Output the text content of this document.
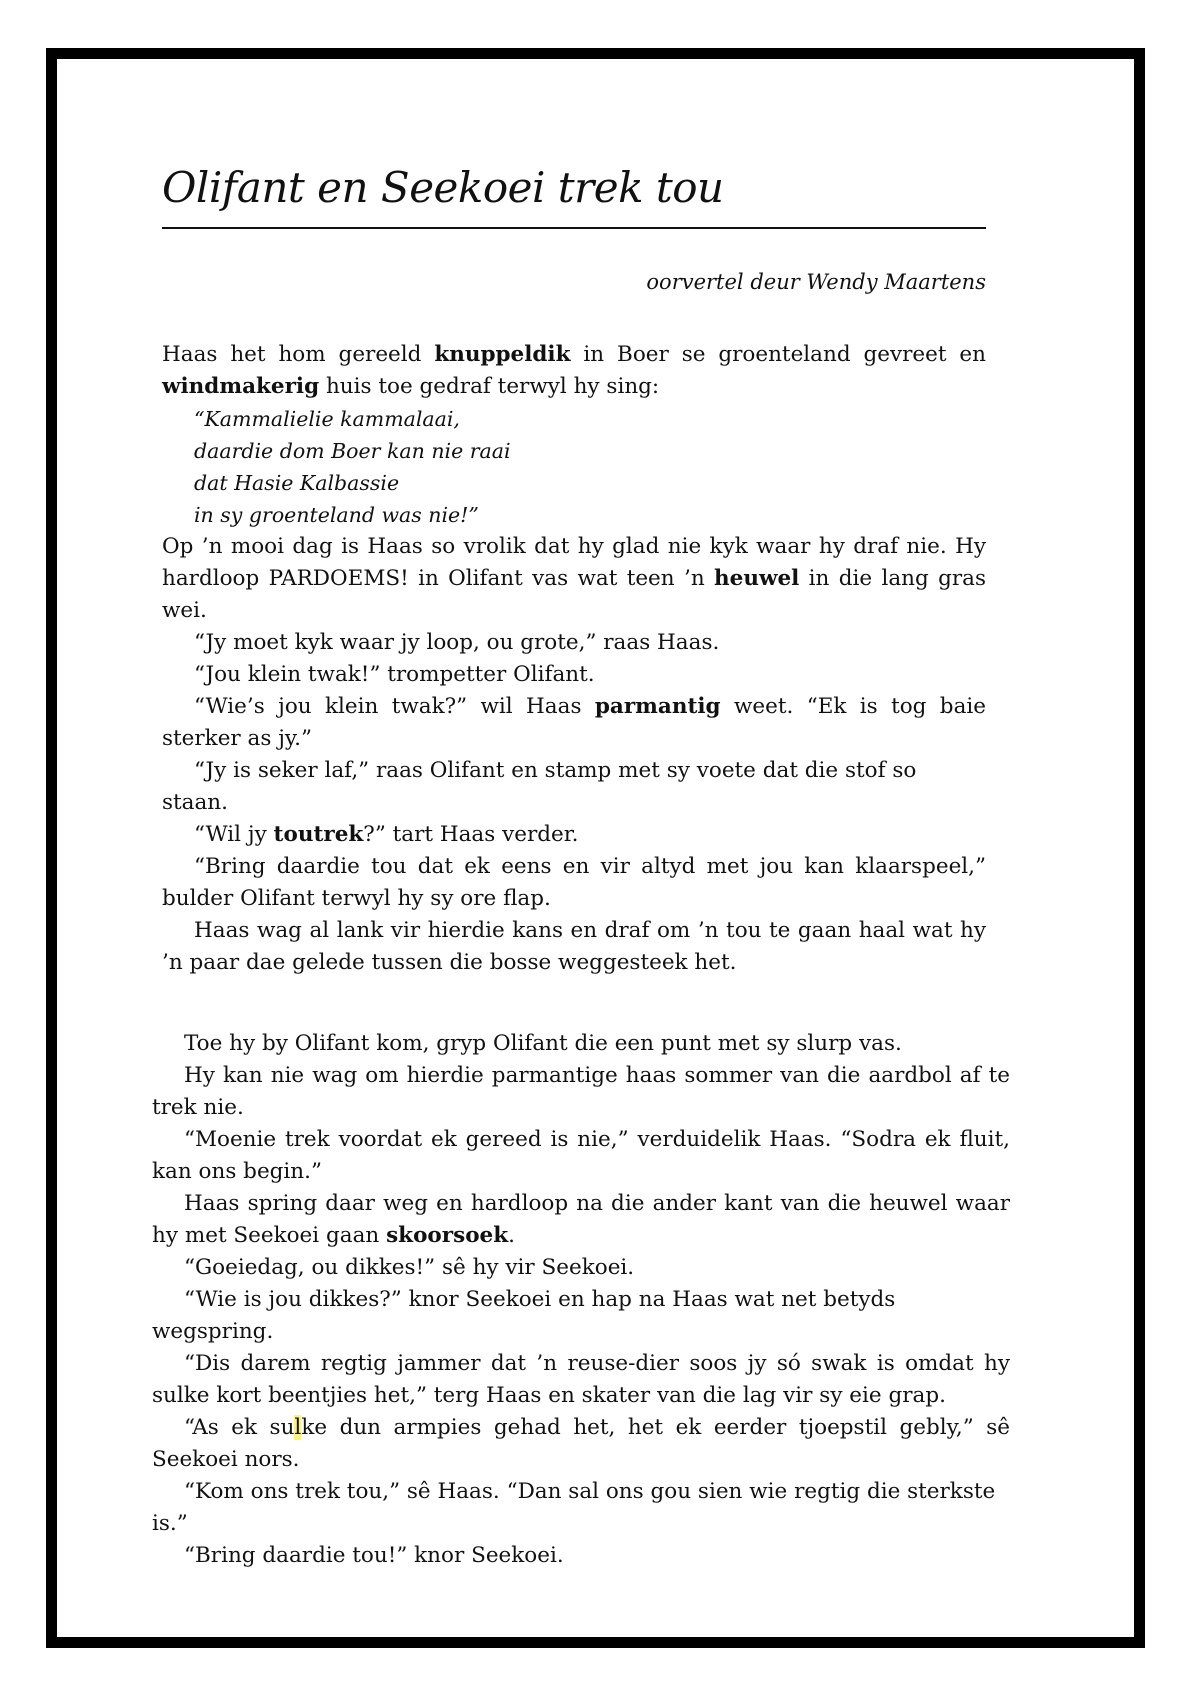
Olifant en Seekoei trek tou
oorvertel deur Wendy Maartens

Haas het hom gereeld knuppeldik in Boer se groenteland gevreet en windmakerig huis toe gedraf terwyl hy sing:

“Kammalielie kammalaai,
daardie dom Boer kan nie raai
dat Hasie Kalbassie
in sy groenteland was nie!”

Op ’n mooi dag is Haas so vrolik dat hy glad nie kyk waar hy draf nie. Hy hardloop PARDOEMS! in Olifant vas wat teen ’n heuwel in die lang gras wei.

“Jy moet kyk waar jy loop, ou grote,” raas Haas.

“Jou klein twak!” trompetter Olifant.

“Wie’s jou klein twak?” wil Haas parmantig weet. “Ek is tog baie sterker as jy.”

“Jy is seker laf,” raas Olifant en stamp met sy voete dat die stof so staan.

“Wil jy toutrek?” tart Haas verder.

“Bring daardie tou dat ek eens en vir altyd met jou kan klaarspeel,” bulder Olifant terwyl hy sy ore flap.

Haas wag al lank vir hierdie kans en draf om ’n tou te gaan haal wat hy ’n paar dae gelede tussen die bosse weggesteek het.

Toe hy by Olifant kom, gryp Olifant die een punt met sy slurp vas.

Hy kan nie wag om hierdie parmantige haas sommer van die aardbol af te trek nie.

“Moenie trek voordat ek gereed is nie,” verduidelik Haas. “Sodra ek fluit, kan ons begin.”

Haas spring daar weg en hardloop na die ander kant van die heuwel waar hy met Seekoei gaan skoorsoek.

“Goeiedag, ou dikkes!” sê hy vir Seekoei.

“Wie is jou dikkes?” knor Seekoei en hap na Haas wat net betyds wegspring.

“Dis darem regtig jammer dat ’n reuse-dier soos jy só swak is omdat hy sulke kort beentjies het,” terg Haas en skater van die lag vir sy eie grap.

“As ek sulke dun armpies gehad het, het ek eerder tjoepstil gebly,” sê Seekoei nors.

“Kom ons trek tou,” sê Haas. “Dan sal ons gou sien wie regtig die sterkste is.”

“Bring daardie tou!” knor Seekoei.
